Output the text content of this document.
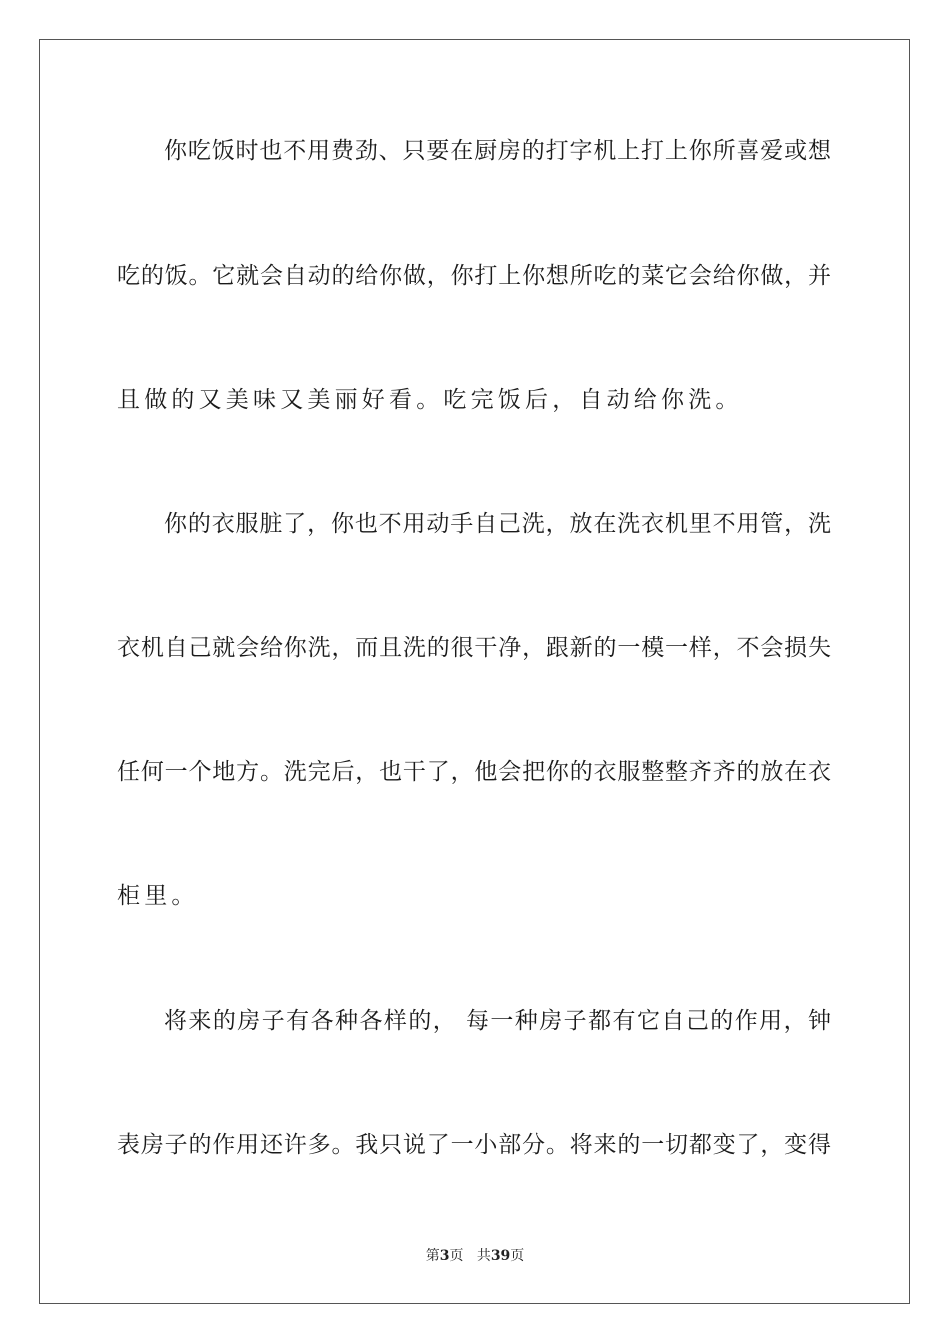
你吃饭时也不用费劲、只要在厨房的打字机上打上你所喜爱或想
吃的饭。它就会自动的给你做，你打上你想所吃的菜它会给你做，并
且做的又美味又美丽好看。吃完饭后，自动给你洗。
你的衣服脏了，你也不用动手自己洗，放在洗衣机里不用管，洗
衣机自己就会给你洗，而且洗的很干净，跟新的一模一样，不会损失
任何一个地方。洗完后，也干了，他会把你的衣服整整齐齐的放在衣
柜里。
将来的房子有各种各样的， 每一种房子都有它自己的作用，钟
表房子的作用还许多。我只说了一小部分。将来的一切都变了，变得
第3页 共39页
